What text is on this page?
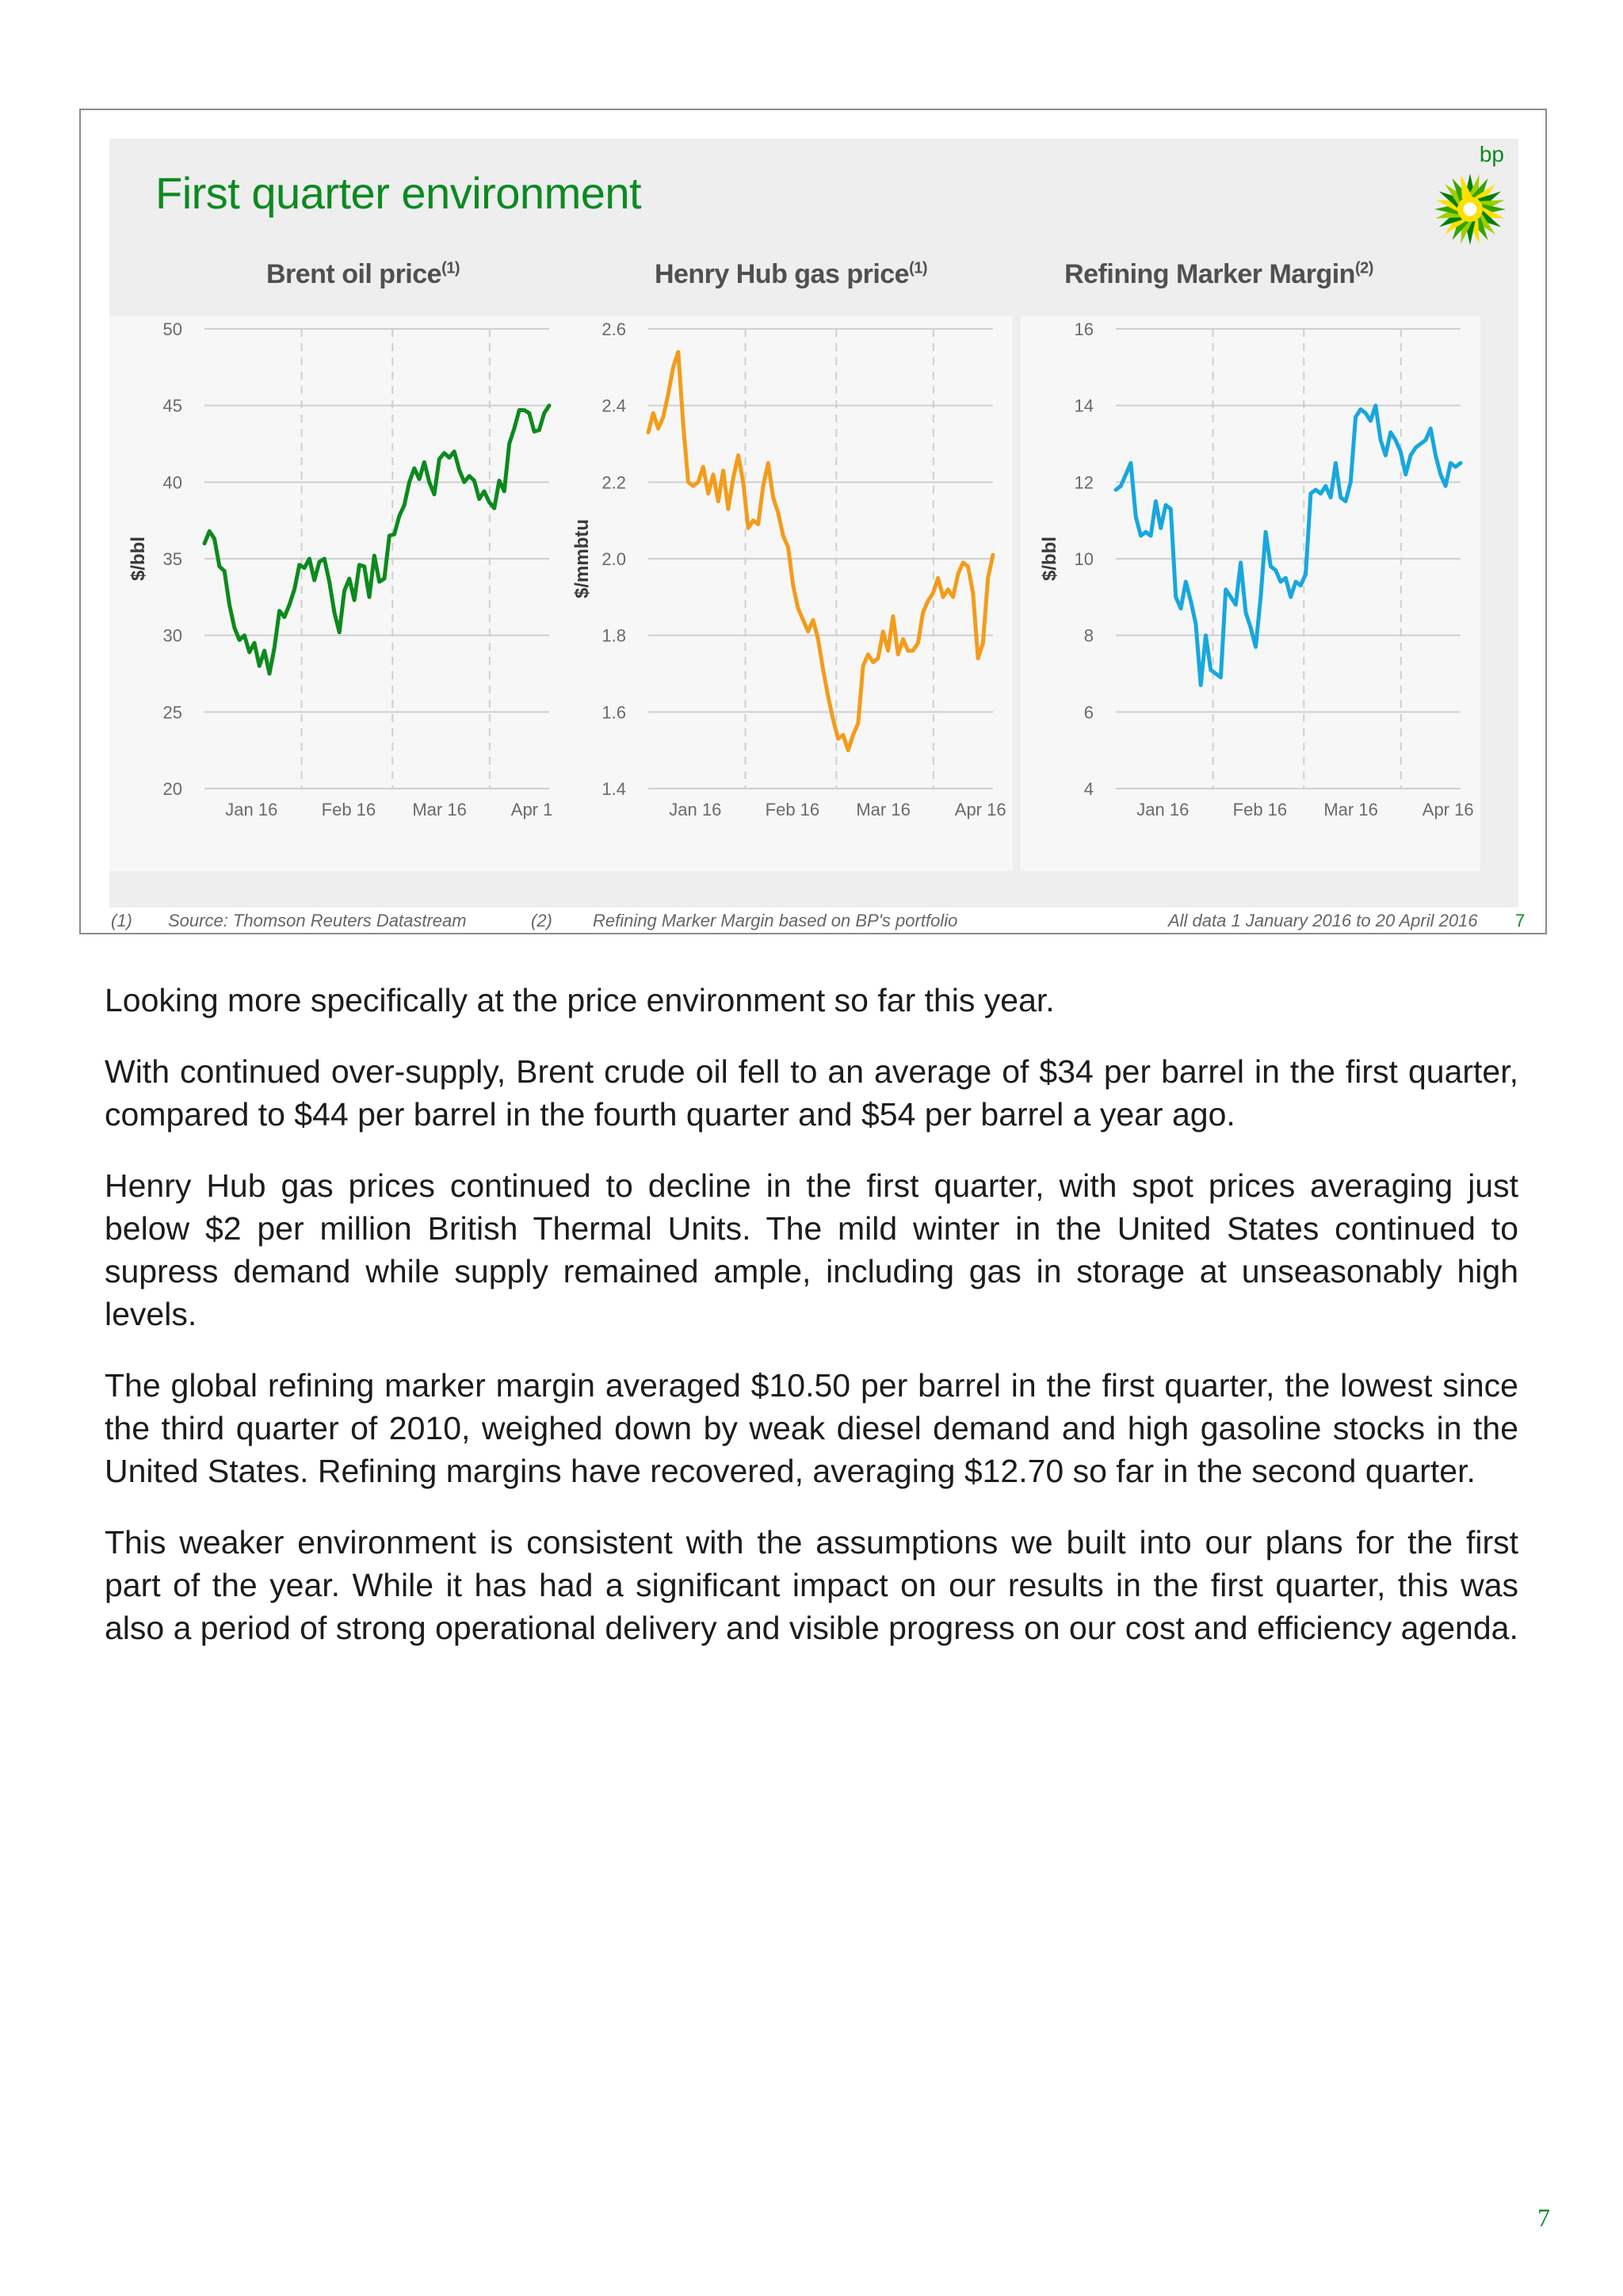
First quarter environment
bp
Brent oil price$^{(1)}$	Henry Hub gas price$^{(1)}$	Refining Marker Margin$^{(2)}$
20
25
30
35
40
45
50
Jan 16	Feb 16 Mar 16	Apr 16
$/bbl
1.4
1.6
1.8
2.0
2.2
2.4
2.6
Jan 16	Feb 16 Mar 16	Apr 16
$/mmbtu
4
6
8
10
12
14
16
Jan 16	Feb 16 Mar 16	Apr 16
$/bbl
(1) Source: Thomson Reuters Datastream	(2) Refining Marker Margin based on BP's portfolio	All data 1 January 2016 to 20 April 2016 7

Looking more specifically at the price environment so far this year.

With continued over-supply, Brent crude oil fell to an average of $34 per barrel in the first quarter, compared to $44 per barrel in the fourth quarter and $54 per barrel a year ago.

Henry Hub gas prices continued to decline in the first quarter, with spot prices averaging just below $2 per million British Thermal Units. The mild winter in the United States continued to supress demand while supply remained ample, including gas in storage at unseasonably high levels.

The global refining marker margin averaged $10.50 per barrel in the first quarter, the lowest since the third quarter of 2010, weighed down by weak diesel demand and high gasoline stocks in the United States. Refining margins have recovered, averaging $12.70 so far in the second quarter.

This weaker environment is consistent with the assumptions we built into our plans for the first part of the year. While it has had a significant impact on our results in the first quarter, this was also a period of strong operational delivery and visible progress on our cost and efficiency agenda.

7
